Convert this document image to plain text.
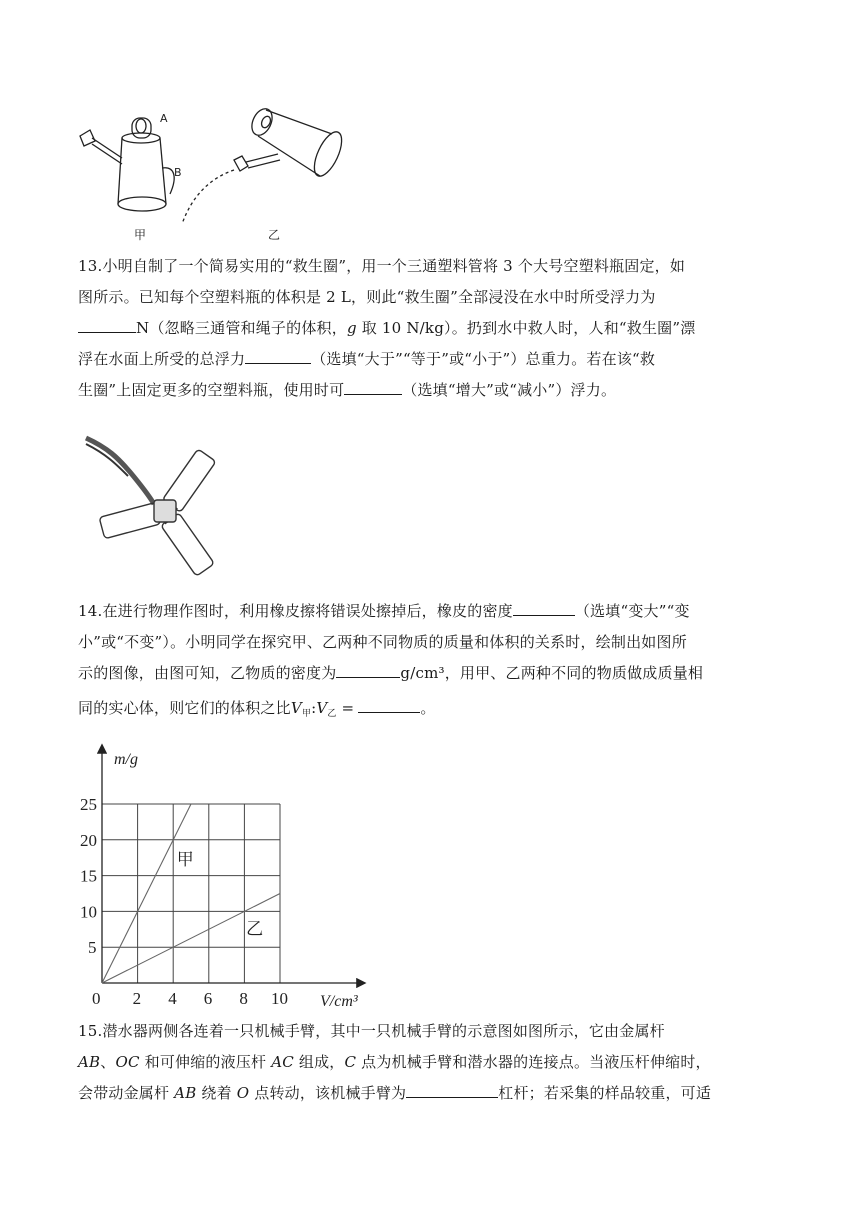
A
B
甲	乙
13.小明自制了一个简易实用的“救生圈”，用一个三通塑料管将 3 个大号空塑料瓶固定，如
图所示。已知每个空塑料瓶的体积是 2 L，则此“救生圈”全部浸没在水中时所受浮力为
N（忽略三通管和绳子的体积，g 取 10 N/kg）。扔到水中救人时，人和“救生圈”漂
浮在水面上所受的总浮力	（选填“大于”“等于”或“小于”）总重力。若在该“救
生圈”上固定更多的空塑料瓶，使用时可	（选填“增大”或“减小”）浮力。
14.在进行物理作图时，利用橡皮擦将错误处擦掉后，橡皮的密度	（选填“变大”“变
小”或“不变”）。小明同学在探究甲、乙两种不同物质的质量和体积的关系时，绘制出如图所
示的图像，由图可知，乙物质的密度为	g/cm³，用甲、乙两种不同的物质做成质量相
同的实心体，则它们的体积之比$V_甲:V_乙$ =	。
甲
乙
0 2 4 6 8 10
5
10
15
20
25
m/g
V/cm³
15.潜水器两侧各连着一只机械手臂，其中一只机械手臂的示意图如图所示，它由金属杆
AB、OC 和可伸缩的液压杆 AC 组成，C 点为机械手臂和潜水器的连接点。当液压杆伸缩时，
会带动金属杆 AB 绕着 O 点转动，该机械手臂为	杠杆；若采集的样品较重，可适
